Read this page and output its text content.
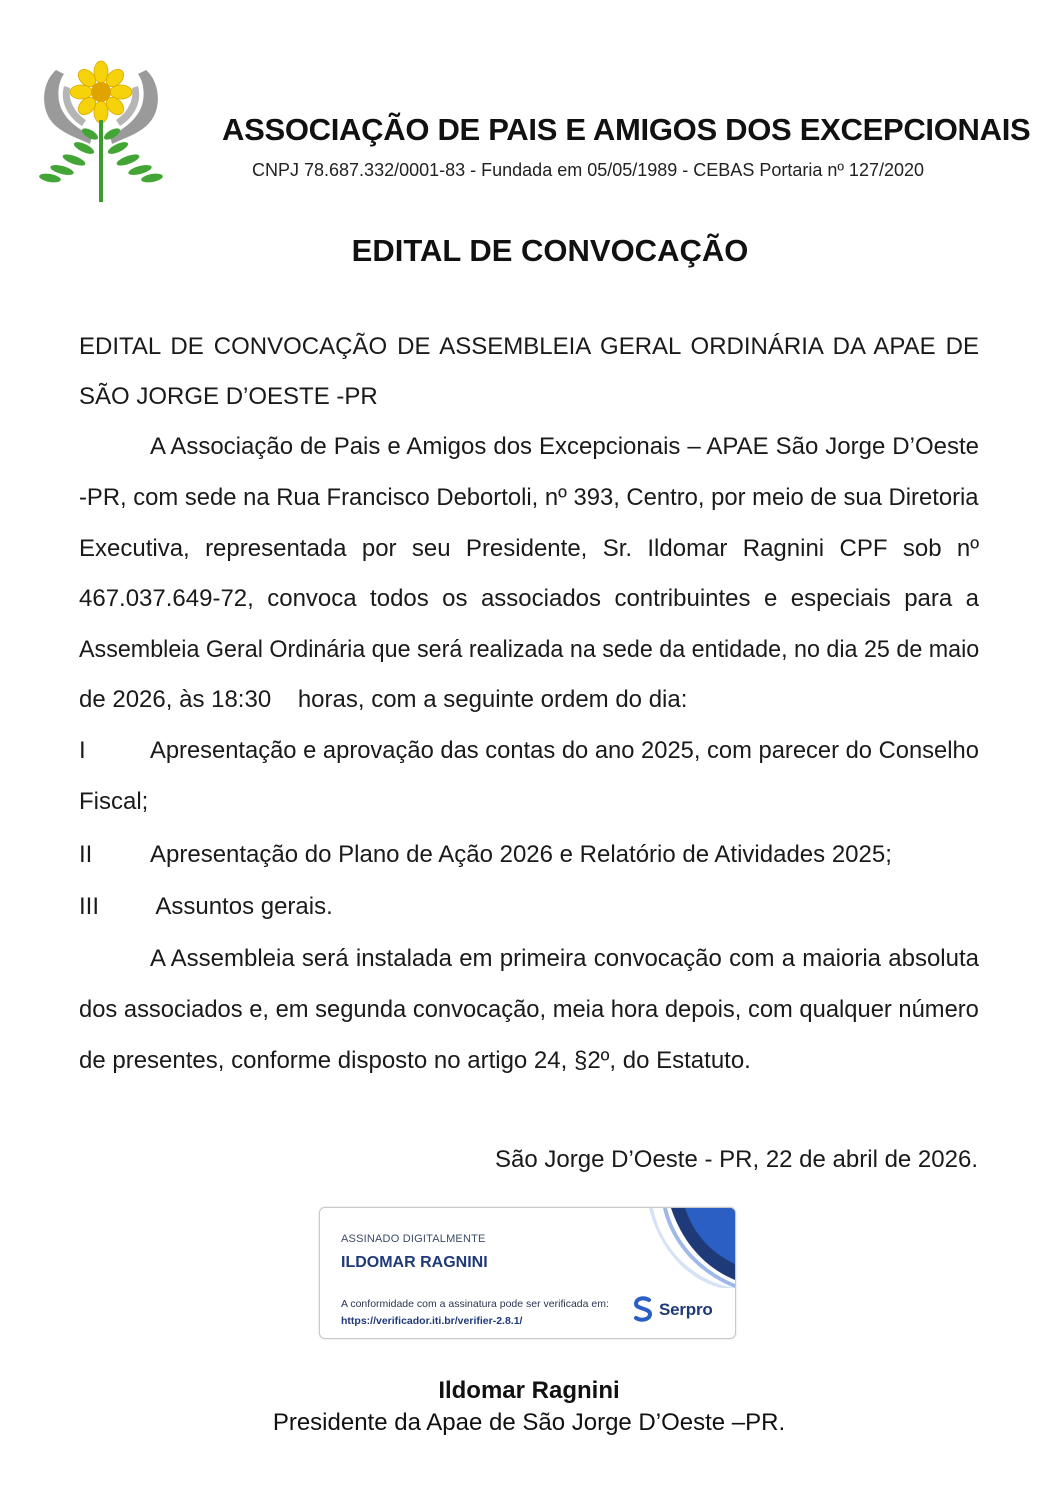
ASSOCIAÇÃO DE PAIS E AMIGOS DOS EXCEPCIONAIS
CNPJ 78.687.332/0001-83 - Fundada em 05/05/1989 - CEBAS Portaria nº 127/2020
EDITAL DE CONVOCAÇÃO
EDITAL DE CONVOCAÇÃO DE ASSEMBLEIA GERAL ORDINÁRIA DA APAE DE
SÃO JORGE D’OESTE -PR
A Associação de Pais e Amigos dos Excepcionais – APAE São Jorge D’Oeste
-PR, com sede na Rua Francisco Debortoli, nº 393, Centro, por meio de sua Diretoria
Executiva, representada por seu Presidente, Sr. Ildomar Ragnini CPF sob nº
467.037.649-72, convoca todos os associados contribuintes e especiais para a
Assembleia Geral Ordinária que será realizada na sede da entidade, no dia 25 de maio
de 2026, às 18:30    horas, com a seguinte ordem do dia:
I	Apresentação e aprovação das contas do ano 2025, com parecer do Conselho
Fiscal;
II Apresentação do Plano de Ação 2026 e Relatório de Atividades 2025;
III Assuntos gerais.
A Assembleia será instalada em primeira convocação com a maioria absoluta
dos associados e, em segunda convocação, meia hora depois, com qualquer número
de presentes, conforme disposto no artigo 24, §2º, do Estatuto.
São Jorge D’Oeste - PR, 22 de abril de 2026.
ASSINADO DIGITALMENTE
ILDOMAR RAGNINI
A conformidade com a assinatura pode ser verificada em:
https://verificador.iti.br/verifier-2.8.1/
Serpro
Ildomar Ragnini
Presidente da Apae de São Jorge D’Oeste –PR.
